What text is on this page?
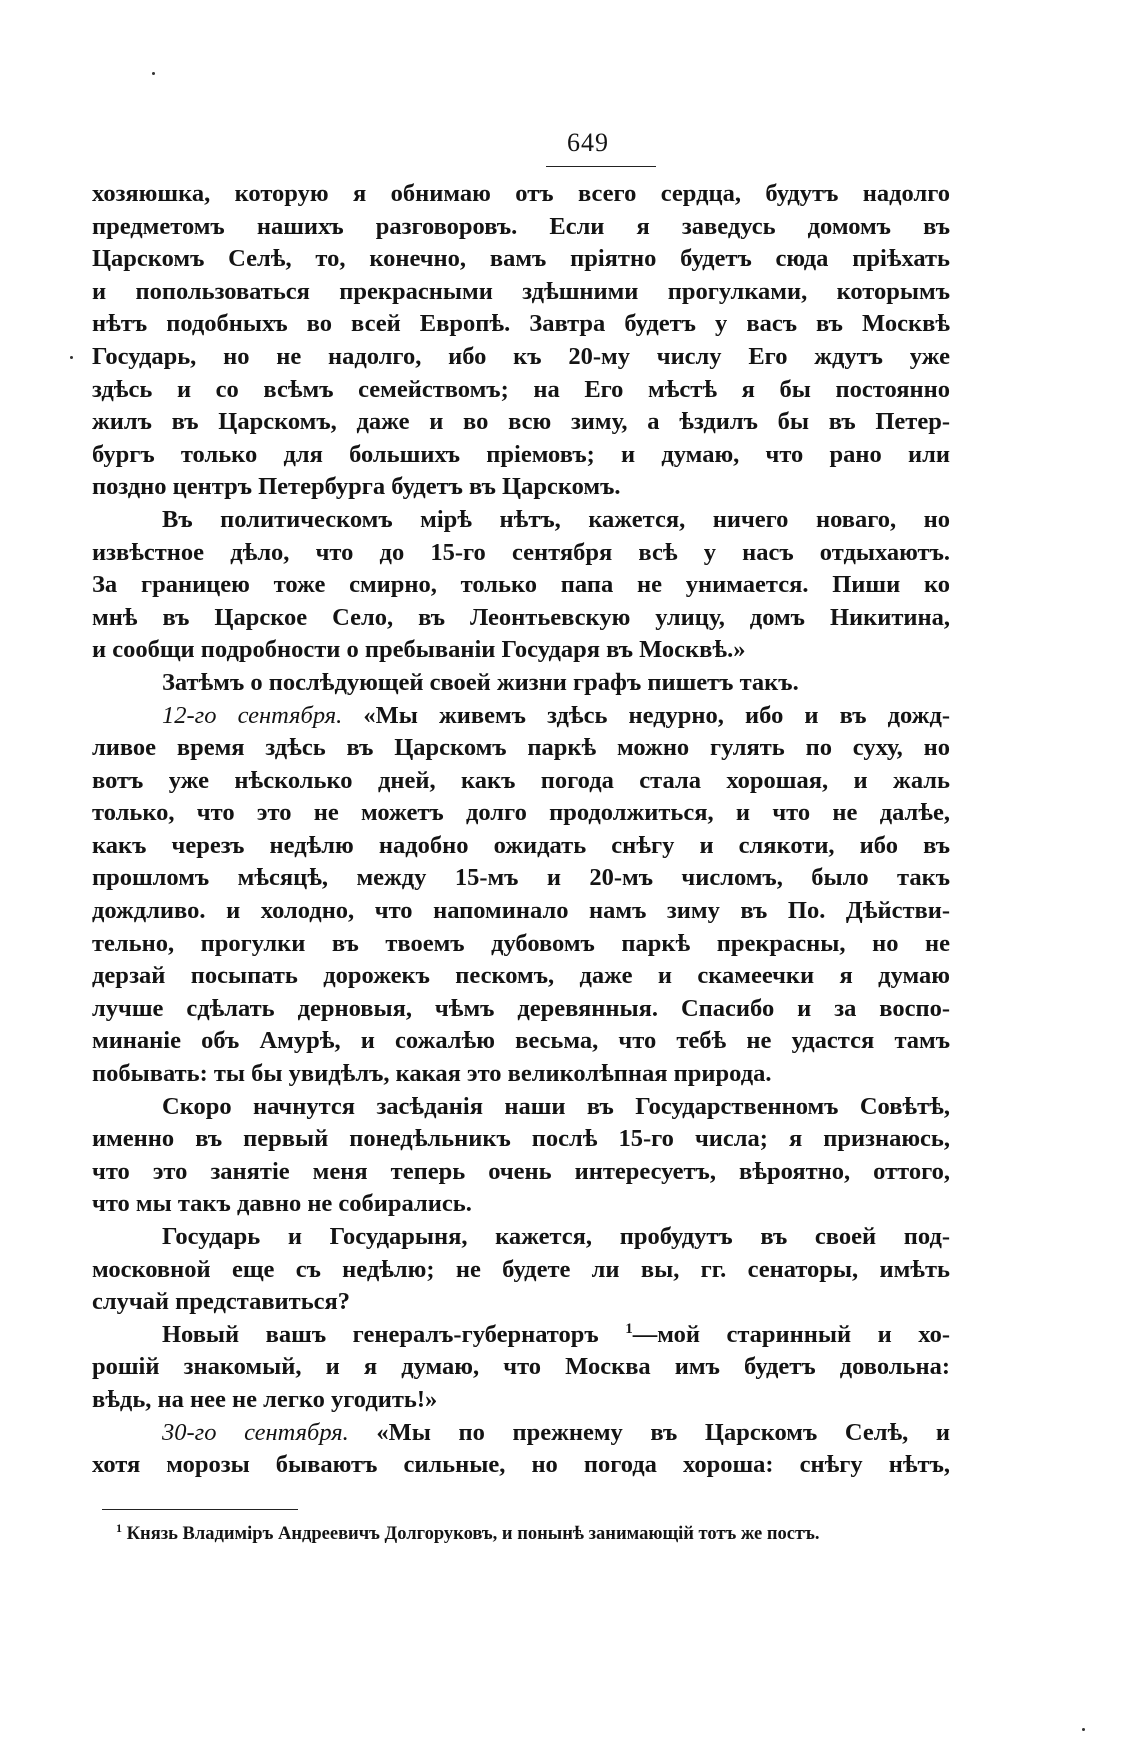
649
хозяюшка, которую я обнимаю отъ всего сердца, будутъ надолго
предметомъ нашихъ разговоровъ. Если я заведусь домомъ въ
Царскомъ Селѣ, то, конечно, вамъ пріятно будетъ сюда пріѣхать
и попользоваться прекрасными здѣшними прогулками, которымъ
нѣтъ подобныхъ во всей Европѣ. Завтра будетъ у васъ въ Москвѣ
Государь, но не надолго, ибо къ 20-му числу Его ждутъ уже
здѣсь и со всѣмъ семействомъ; на Его мѣстѣ я бы постоянно
жилъ въ Царскомъ, даже и во всю зиму, а ѣздилъ бы въ Петер-
бургъ только для большихъ пріемовъ; и думаю, что рано или
поздно центръ Петербурга будетъ въ Царскомъ.
Въ политическомъ мірѣ нѣтъ, кажется, ничего новаго, но
извѣстное дѣло, что до 15-го сентября всѣ у насъ отдыхаютъ.
За границею тоже смирно, только папа не унимается. Пиши ко
мнѣ въ Царское Село, въ Леонтьевскую улицу, домъ Никитина,
и сообщи подробности о пребываніи Государя въ Москвѣ.»
Затѣмъ о послѣдующей своей жизни графъ пишетъ такъ.
12-го сентября. «Мы живемъ здѣсь недурно, ибо и въ дожд-
ливое время здѣсь въ Царскомъ паркѣ можно гулять по суху, но
вотъ уже нѣсколько дней, какъ погода стала хорошая, и жаль
только, что это не можетъ долго продолжиться, и что не далѣе,
какъ черезъ недѣлю надобно ожидать снѣгу и слякоти, ибо въ
прошломъ мѣсяцѣ, между 15-мъ и 20-мъ числомъ, было такъ
дождливо. и холодно, что напоминало намъ зиму въ По. Дѣйстви-
тельно, прогулки въ твоемъ дубовомъ паркѣ прекрасны, но не
дерзай посыпать дорожекъ пескомъ, даже и скамеечки я думаю
лучше сдѣлать дерновыя, чѣмъ деревянныя. Спасибо и за воспо-
минаніе объ Амурѣ, и сожалѣю весьма, что тебѣ не удастся тамъ
побывать: ты бы увидѣлъ, какая это великолѣпная природа.
Скоро начнутся засѣданія наши въ Государственномъ Совѣтѣ,
именно въ первый понедѣльникъ послѣ 15-го числа; я признаюсь,
что это занятіе меня теперь очень интересуетъ, вѣроятно, оттого,
что мы такъ давно не собирались.
Государь и Государыня, кажется, пробудутъ въ своей под-
московной еще съ недѣлю; не будете ли вы, гг. сенаторы, имѣть
случай представиться?
Новый вашъ генералъ-губернаторъ $^1$—мой старинный и хо-
рошій знакомый, и я думаю, что Москва имъ будетъ довольна:
вѣдь, на нее не легко угодить!»
30-го сентября. «Мы по прежнему въ Царскомъ Селѣ, и
хотя морозы бываютъ сильные, но погода хороша: снѣгу нѣтъ,
$^1$ Князь Владиміръ Андреевичъ Долгоруковъ, и понынѣ занимающій тотъ же постъ.
